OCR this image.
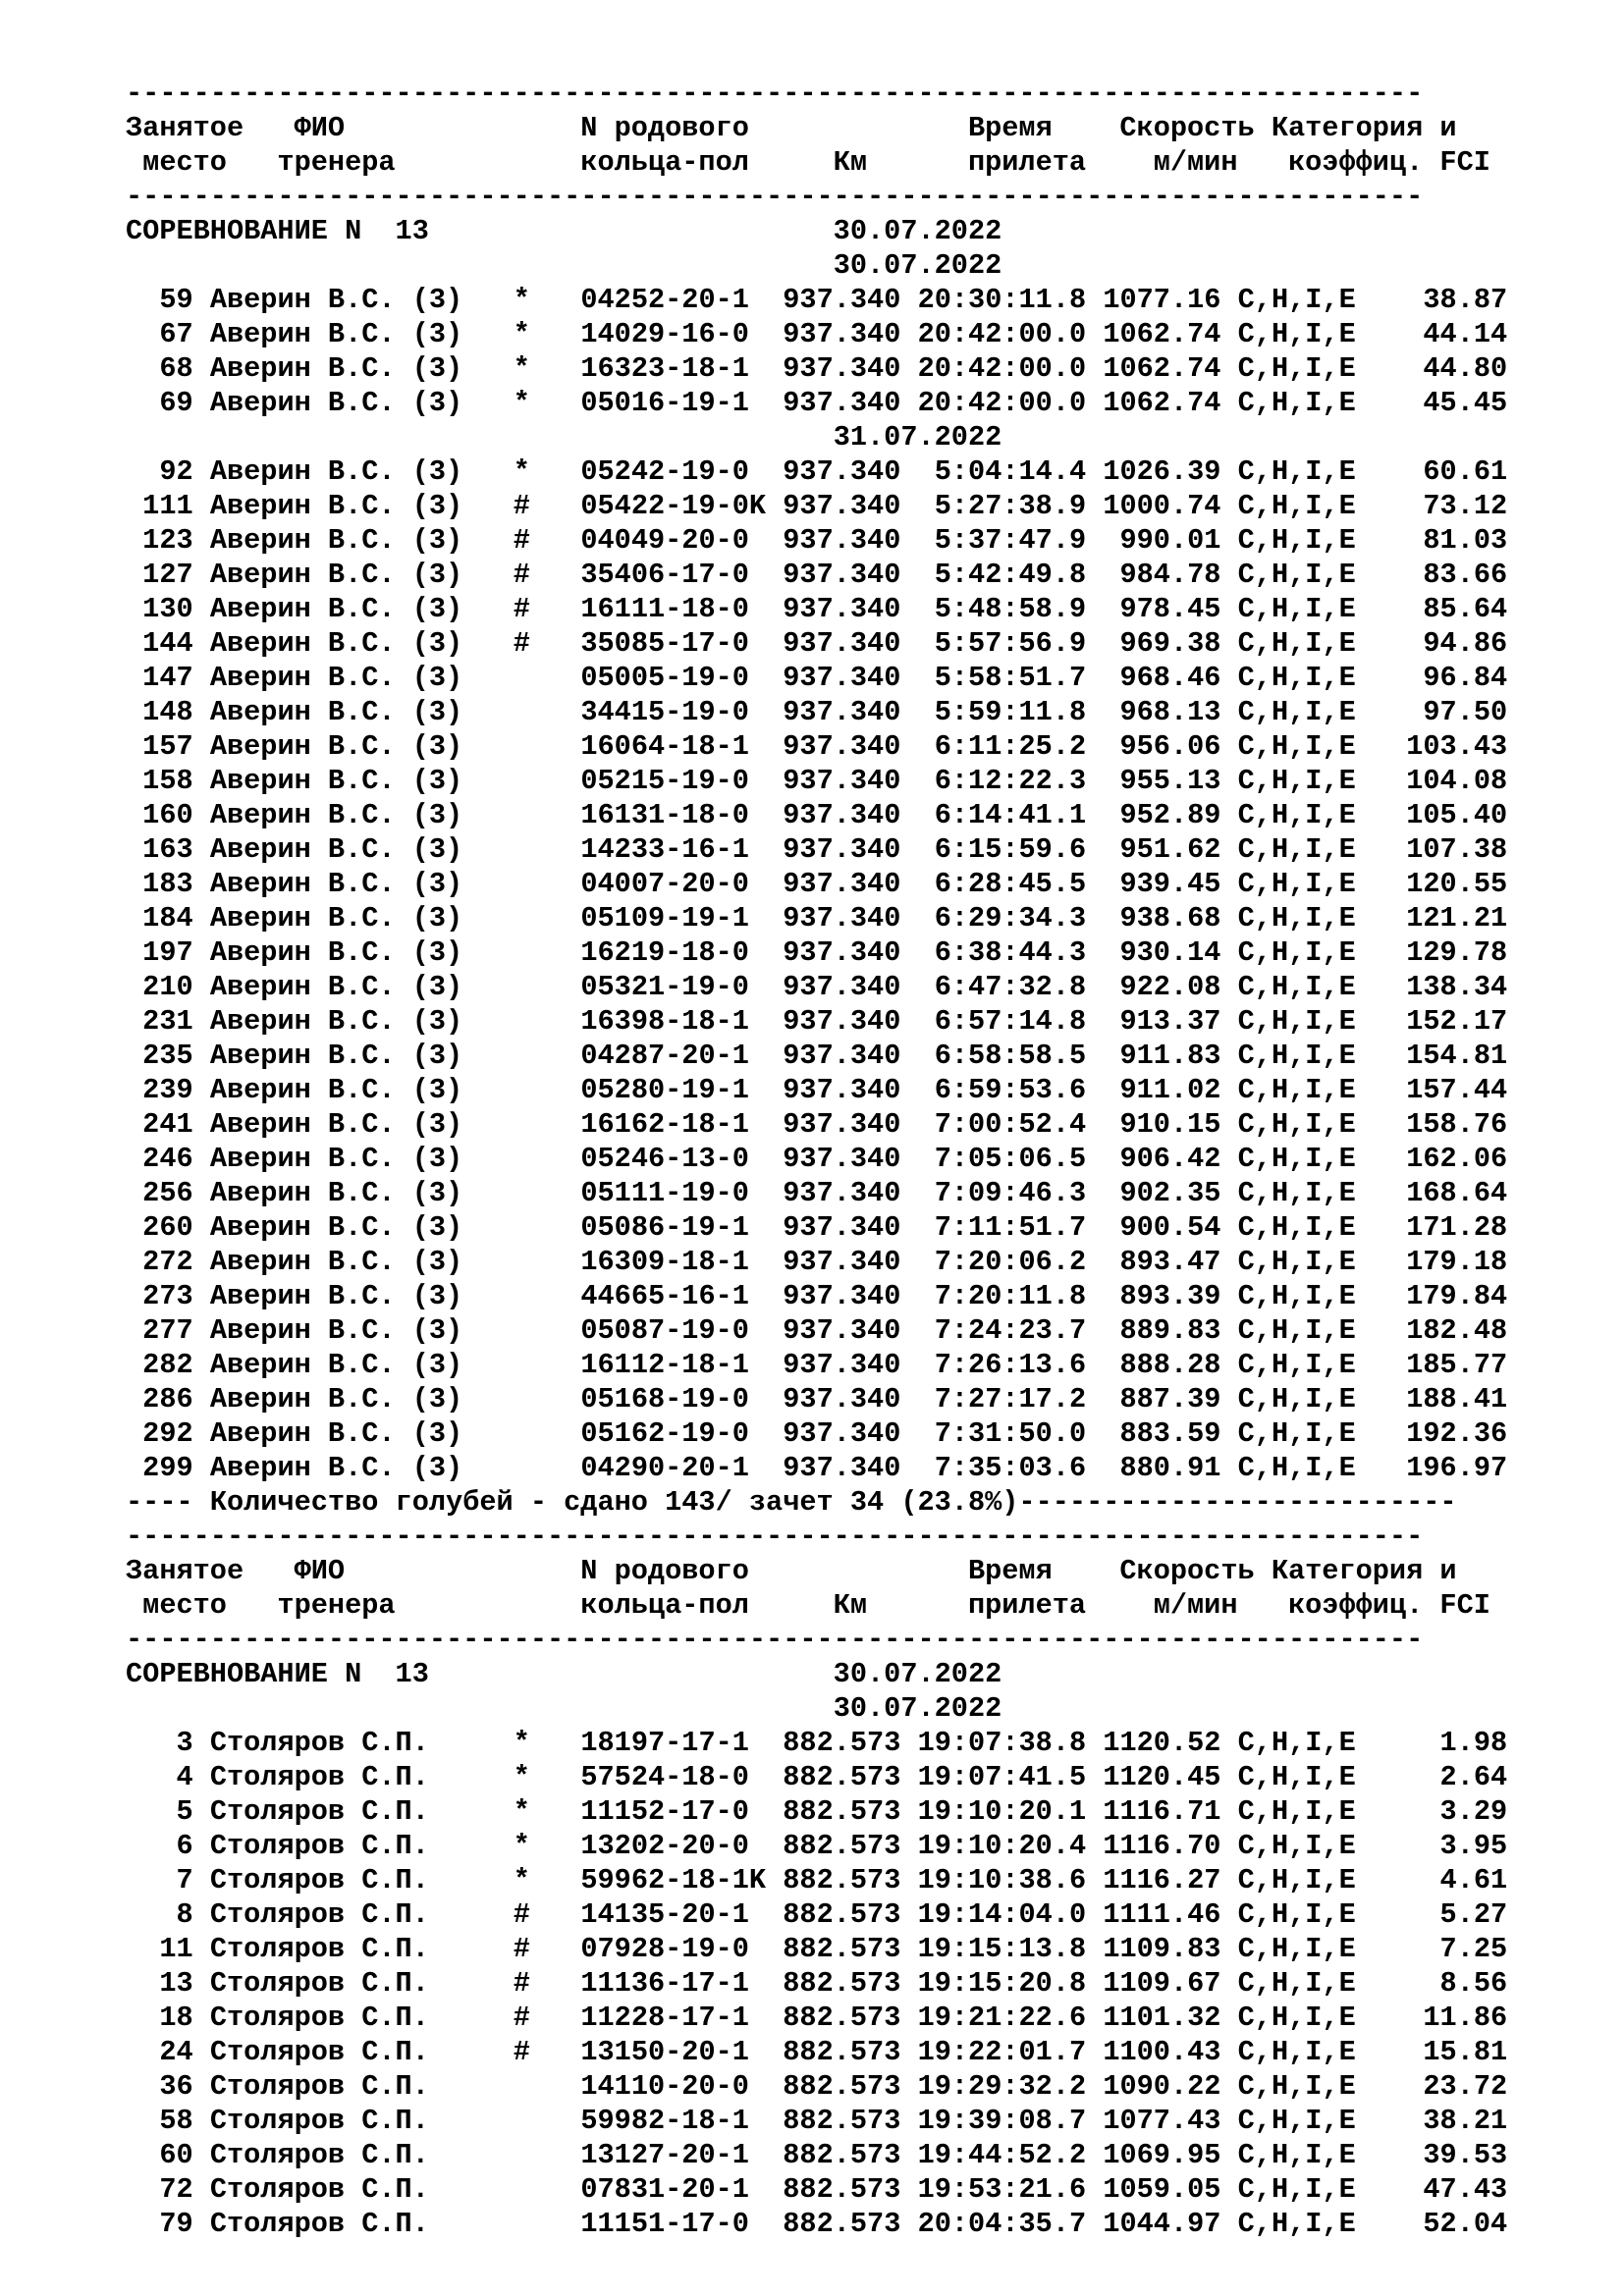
-----------------------------------------------------------------------------
Занятое   ФИО              N родового             Время    Скорость Категория и
место   тренера           кольца-пол     Км      прилета    м/мин   коэффиц. FCI
-----------------------------------------------------------------------------
СОРЕВНОВАНИЕ N  13                        30.07.2022
30.07.2022
59 Аверин В.С. (3) * 04252-20-1  937.340 20:30:11.8 1077.16 C,H,I,E    38.87
67 Аверин В.С. (3) * 14029-16-0  937.340 20:42:00.0 1062.74 C,H,I,E    44.14
68 Аверин В.С. (3) * 16323-18-1  937.340 20:42:00.0 1062.74 C,H,I,E    44.80
69 Аверин В.С. (3) * 05016-19-1  937.340 20:42:00.0 1062.74 C,H,I,E    45.45
31.07.2022
92 Аверин В.С. (3) * 05242-19-0  937.340  5:04:14.4 1026.39 C,H,I,E    60.61
111 Аверин В.С. (3) # 05422-19-0K 937.340  5:27:38.9 1000.74 C,H,I,E    73.12
123 Аверин В.С. (3) # 04049-20-0  937.340  5:37:47.9  990.01 C,H,I,E    81.03
127 Аверин В.С. (3) # 35406-17-0  937.340  5:42:49.8  984.78 C,H,I,E    83.66
130 Аверин В.С. (3) # 16111-18-0  937.340  5:48:58.9  978.45 C,H,I,E    85.64
144 Аверин В.С. (3) # 35085-17-0  937.340  5:57:56.9  969.38 C,H,I,E    94.86
147 Аверин В.С. (3)	05005-19-0  937.340  5:58:51.7  968.46 C,H,I,E    96.84
148 Аверин В.С. (3)	34415-19-0  937.340  5:59:11.8  968.13 C,H,I,E    97.50
157 Аверин В.С. (3)	16064-18-1  937.340  6:11:25.2  956.06 C,H,I,E   103.43
158 Аверин В.С. (3)	05215-19-0  937.340  6:12:22.3  955.13 C,H,I,E   104.08
160 Аверин В.С. (3)	16131-18-0  937.340  6:14:41.1  952.89 C,H,I,E   105.40
163 Аверин В.С. (3)	14233-16-1  937.340  6:15:59.6  951.62 C,H,I,E   107.38
183 Аверин В.С. (3)	04007-20-0  937.340  6:28:45.5  939.45 C,H,I,E   120.55
184 Аверин В.С. (3)	05109-19-1  937.340  6:29:34.3  938.68 C,H,I,E   121.21
197 Аверин В.С. (3)	16219-18-0  937.340  6:38:44.3  930.14 C,H,I,E   129.78
210 Аверин В.С. (3)	05321-19-0  937.340  6:47:32.8  922.08 C,H,I,E   138.34
231 Аверин В.С. (3)	16398-18-1  937.340  6:57:14.8  913.37 C,H,I,E   152.17
235 Аверин В.С. (3)	04287-20-1  937.340  6:58:58.5  911.83 C,H,I,E   154.81
239 Аверин В.С. (3)	05280-19-1  937.340  6:59:53.6  911.02 C,H,I,E   157.44
241 Аверин В.С. (3)	16162-18-1  937.340  7:00:52.4  910.15 C,H,I,E   158.76
246 Аверин В.С. (3)	05246-13-0  937.340  7:05:06.5  906.42 C,H,I,E   162.06
256 Аверин В.С. (3)	05111-19-0  937.340  7:09:46.3  902.35 C,H,I,E   168.64
260 Аверин В.С. (3)	05086-19-1  937.340  7:11:51.7  900.54 C,H,I,E   171.28
272 Аверин В.С. (3)	16309-18-1  937.340  7:20:06.2  893.47 C,H,I,E   179.18
273 Аверин В.С. (3)	44665-16-1  937.340  7:20:11.8  893.39 C,H,I,E   179.84
277 Аверин В.С. (3)	05087-19-0  937.340  7:24:23.7  889.83 C,H,I,E   182.48
282 Аверин В.С. (3)	16112-18-1  937.340  7:26:13.6  888.28 C,H,I,E   185.77
286 Аверин В.С. (3)	05168-19-0  937.340  7:27:17.2  887.39 C,H,I,E   188.41
292 Аверин В.С. (3)	05162-19-0  937.340  7:31:50.0  883.59 C,H,I,E   192.36
299 Аверин В.С. (3)	04290-20-1  937.340  7:35:03.6  880.91 C,H,I,E   196.97
---- Количество голубей - сдано 143/ зачет 34 (23.8%)--------------------------
-----------------------------------------------------------------------------
Занятое   ФИО              N родового             Время    Скорость Категория и
место   тренера           кольца-пол     Км      прилета    м/мин   коэффиц. FCI
-----------------------------------------------------------------------------
СОРЕВНОВАНИЕ N  13                        30.07.2022
30.07.2022
3 Столяров С.П.     * 18197-17-1  882.573 19:07:38.8 1120.52 C,H,I,E     1.98
4 Столяров С.П.     * 57524-18-0  882.573 19:07:41.5 1120.45 C,H,I,E     2.64
5 Столяров С.П.     * 11152-17-0  882.573 19:10:20.1 1116.71 C,H,I,E     3.29
6 Столяров С.П.     * 13202-20-0  882.573 19:10:20.4 1116.70 C,H,I,E     3.95
7 Столяров С.П.     * 59962-18-1K 882.573 19:10:38.6 1116.27 C,H,I,E     4.61
8 Столяров С.П.     # 14135-20-1  882.573 19:14:04.0 1111.46 C,H,I,E     5.27
11 Столяров С.П.     # 07928-19-0  882.573 19:15:13.8 1109.83 C,H,I,E     7.25
13 Столяров С.П.     # 11136-17-1  882.573 19:15:20.8 1109.67 C,H,I,E     8.56
18 Столяров С.П.     # 11228-17-1  882.573 19:21:22.6 1101.32 C,H,I,E    11.86
24 Столяров С.П.     # 13150-20-1  882.573 19:22:01.7 1100.43 C,H,I,E    15.81
36 Столяров С.П.	14110-20-0  882.573 19:29:32.2 1090.22 C,H,I,E    23.72
58 Столяров С.П.	59982-18-1  882.573 19:39:08.7 1077.43 C,H,I,E    38.21
60 Столяров С.П.	13127-20-1  882.573 19:44:52.2 1069.95 C,H,I,E    39.53
72 Столяров С.П.	07831-20-1  882.573 19:53:21.6 1059.05 C,H,I,E    47.43
79 Столяров С.П.	11151-17-0  882.573 20:04:35.7 1044.97 C,H,I,E    52.04
